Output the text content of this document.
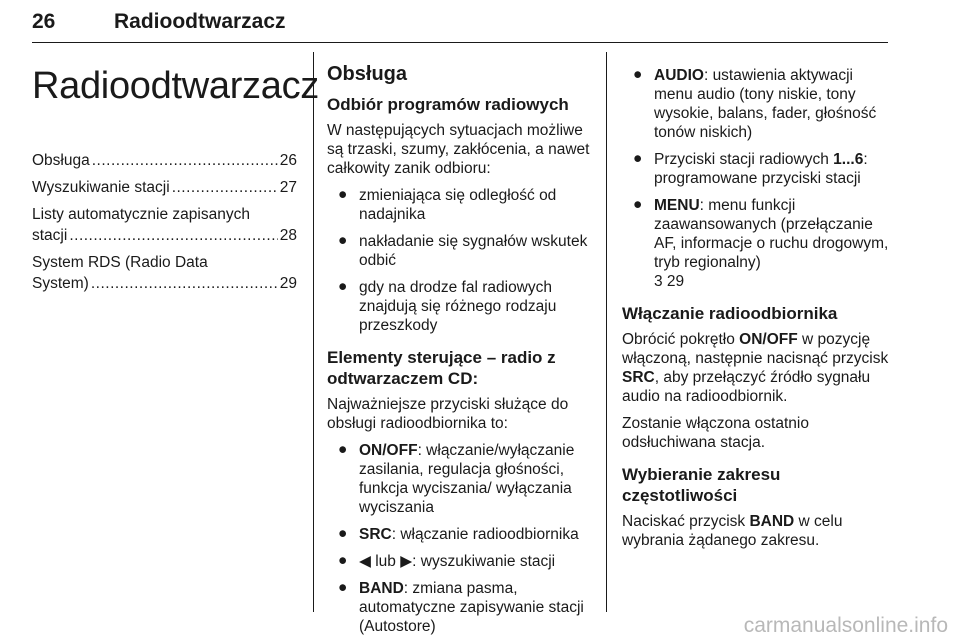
26	Radioodtwarzacz
Radioodtwarzacz
Obsługa .....	26
Wyszukiwanie stacji .....	27
Listy automatycznie zapisanych
stacji .....	28
System RDS (Radio Data
System) .....	29
Obsługa
Odbiór programów radiowych

W następujących sytuacjach możliwe są trzaski, szumy, zakłócenia, a nawet całkowity zanik odbioru:

● zmieniająca się odległość od nadajnika
● nakładanie się sygnałów wskutek odbić
● gdy na drodze fal radiowych znajdują się różnego rodzaju przeszkody
Elementy sterujące – radio z odtwarzaczem CD:

Najważniejsze przyciski służące do obsługi radioodbiornika to:

● ON/OFF: włączanie/wyłączanie zasilania, regulacja głośności, funkcja wyciszania/ wyłączania wyciszania
● SRC: włączanie radioodbiornika
● ◀ lub ▶: wyszukiwanie stacji
● BAND: zmiana pasma, automatyczne zapisywanie stacji (Autostore)
● AUDIO: ustawienia aktywacji menu audio (tony niskie, tony wysokie, balans, fader, głośność tonów niskich)
● Przyciski stacji radiowych 1...6: programowane przyciski stacji
● MENU: menu funkcji zaawansowanych (przełączanie AF, informacje o ruchu drogowym, tryb regionalny)
3 29
Włączanie radioodbiornika

Obrócić pokrętło ON/OFF w pozycję włączoną, następnie nacisnąć przycisk SRC, aby przełączyć źródło sygnału audio na radioodbiornik.

Zostanie włączona ostatnio odsłuchiwana stacja.

Wybieranie zakresu częstotliwości

Naciskać przycisk BAND w celu wybrania żądanego zakresu.

carmanualsonline.info
